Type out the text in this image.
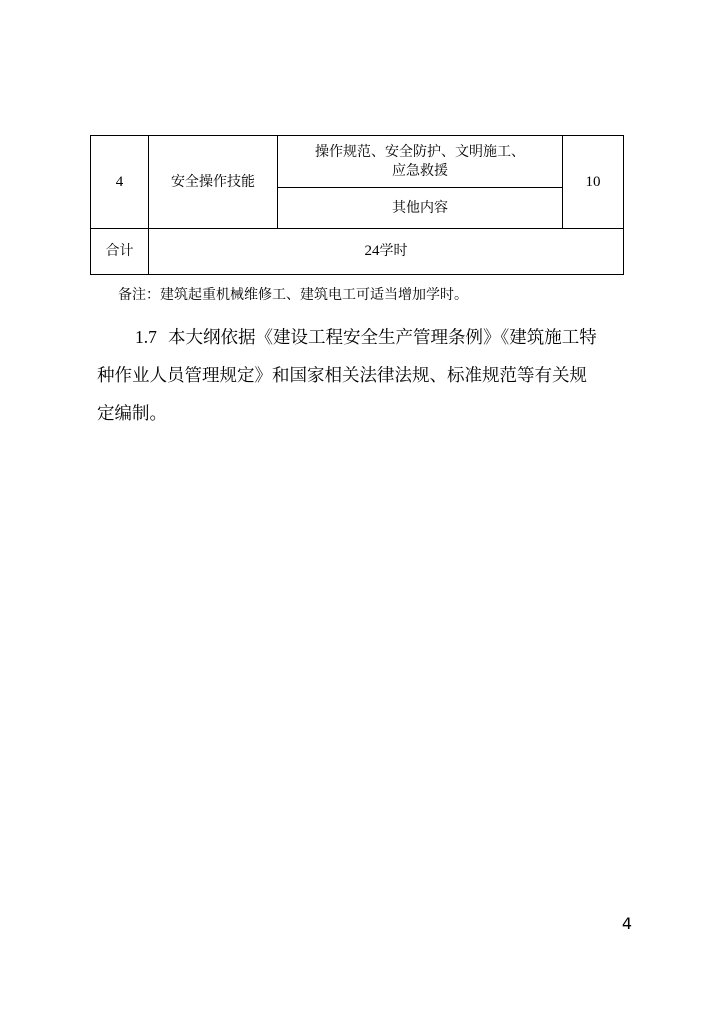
4	安全操作技能	操作规范、安全防护、文明施工、
应急救援	10
		其他内容	
合计	24学时		
备注：建筑起重机械维修工、建筑电工可适当增加学时。

1.7 本大纲依据《建设工程安全生产管理条例》《建筑施工特
种作业人员管理规定》和国家相关法律法规、标准规范等有关规
定编制。

4
